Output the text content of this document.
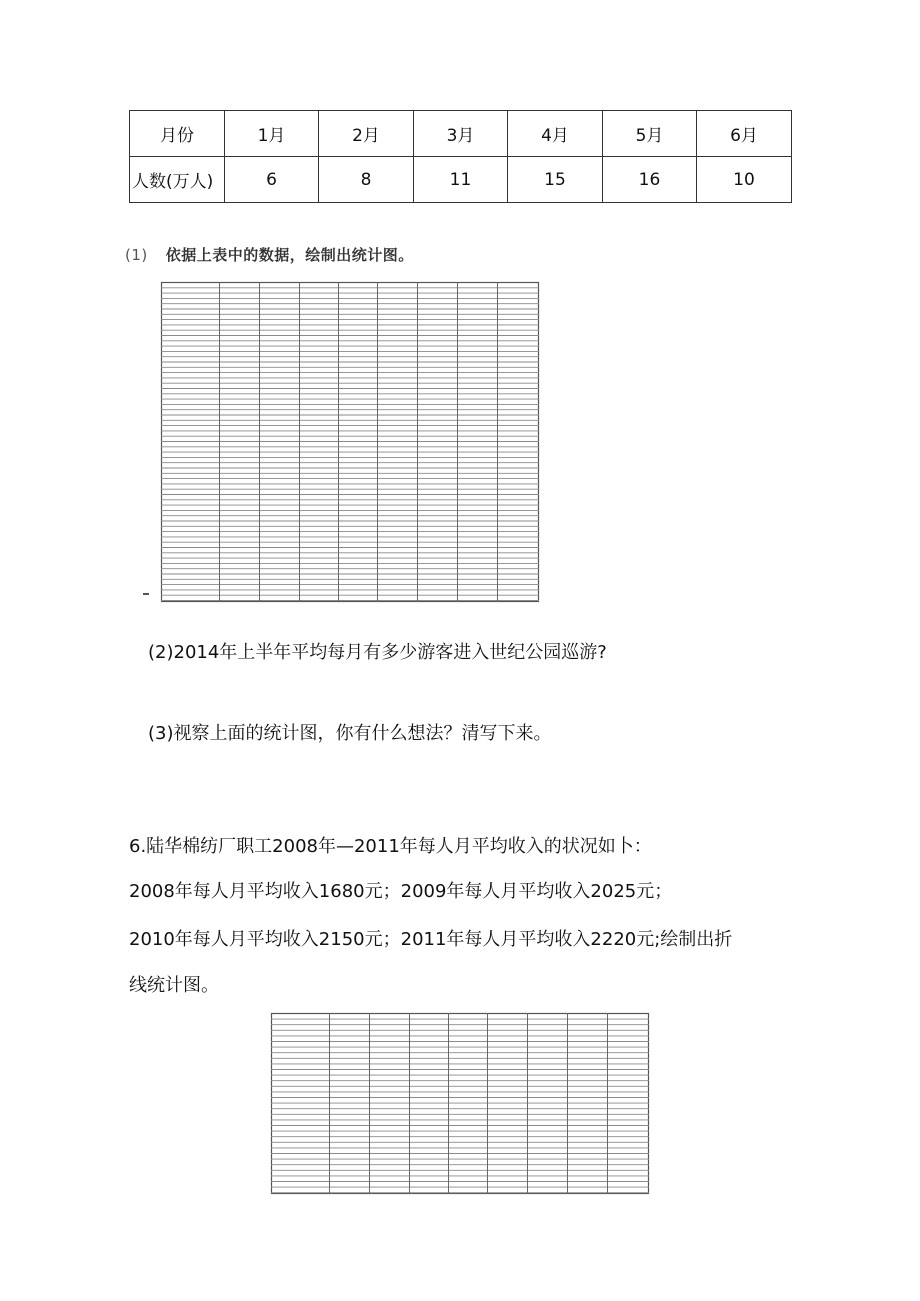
月份	1月	2月	3月	4月	5月	6月
人数(万人)	6	8	11	15	16	10
(1) 依据上表中的数据，绘制出统计图。
(2)2014年上半年平均每月有多少游客进入世纪公园巡游?
(3)视察上面的统计图，你有什么想法？清写下来。
6.陆华棉纺厂职工2008年—2011年每人月平均收入的状况如卜：
2008年每人月平均收入1680元；2009年每人月平均收入2025元；
2010年每人月平均收入2150元；2011年每人月平均收入2220元;绘制出折
线统计图。
